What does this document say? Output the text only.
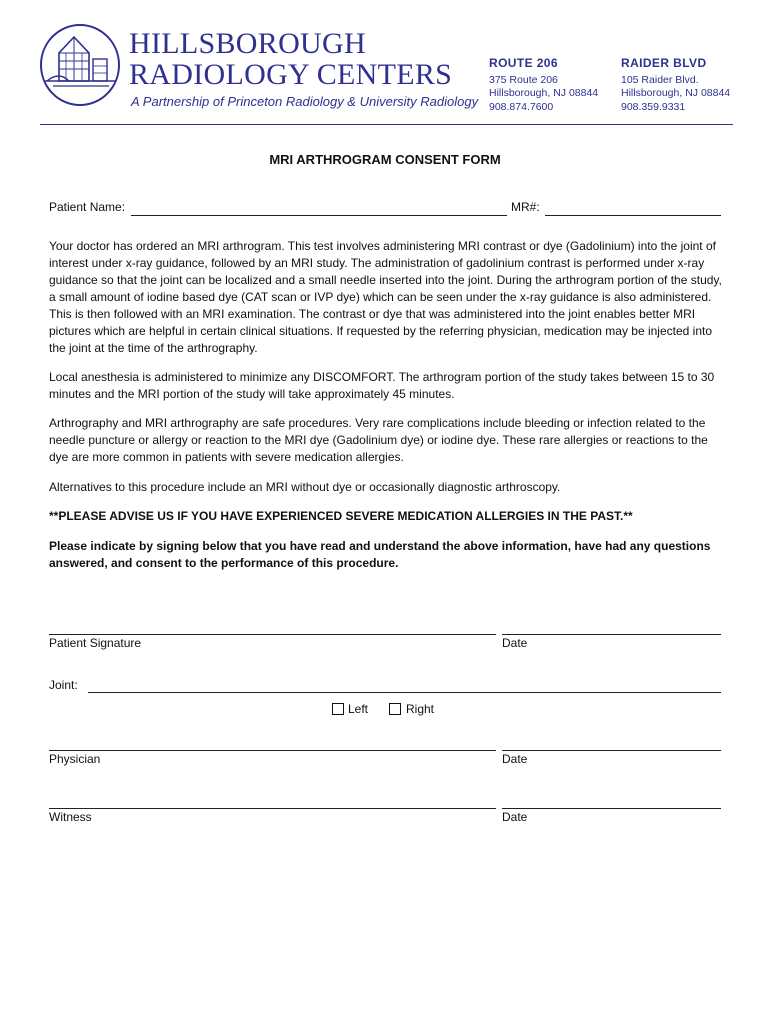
HILLSBOROUGH
RADIOLOGY CENTERS
A Partnership of Princeton Radiology & University Radiology
ROUTE 206
375 Route 206
Hillsborough, NJ 08844
908.874.7600
RAIDER BLVD
105 Raider Blvd.
Hillsborough, NJ 08844
908.359.9331
MRI ARTHROGRAM CONSENT FORM
Patient Name:	MR#:
Your doctor has ordered an MRI arthrogram. This test involves administering MRI contrast or dye (Gadolinium) into the joint of interest under x-ray guidance, followed by an MRI study. The administration of gadolinium contrast is performed under x-ray guidance so that the joint can be localized and a small needle inserted into the joint. During the arthrogram portion of the study, a small amount of iodine based dye (CAT scan or IVP dye) which can be seen under the x-ray guidance is also administered. This is then followed with an MRI examination. The contrast or dye that was administered into the joint enables better MRI pictures which are helpful in certain clinical situations. If requested by the referring physician, medication may be injected into the joint at the time of the arthrography.
Local anesthesia is administered to minimize any DISCOMFORT. The arthrogram portion of the study takes between 15 to 30 minutes and the MRI portion of the study will take approximately 45 minutes.
Arthrography and MRI arthrography are safe procedures. Very rare complications include bleeding or infection related to the needle puncture or allergy or reaction to the MRI dye (Gadolinium dye) or iodine dye. These rare allergies or reactions to the dye are more common in patients with severe medication allergies.
Alternatives to this procedure include an MRI without dye or occasionally diagnostic arthroscopy.
**PLEASE ADVISE US IF YOU HAVE EXPERIENCED SEVERE MEDICATION ALLERGIES IN THE PAST.**
Please indicate by signing below that you have read and understand the above information, have had any questions answered, and consent to the performance of this procedure.
Patient Signature	Date
Joint:
Left	Right
Physician	Date
Witness	Date
